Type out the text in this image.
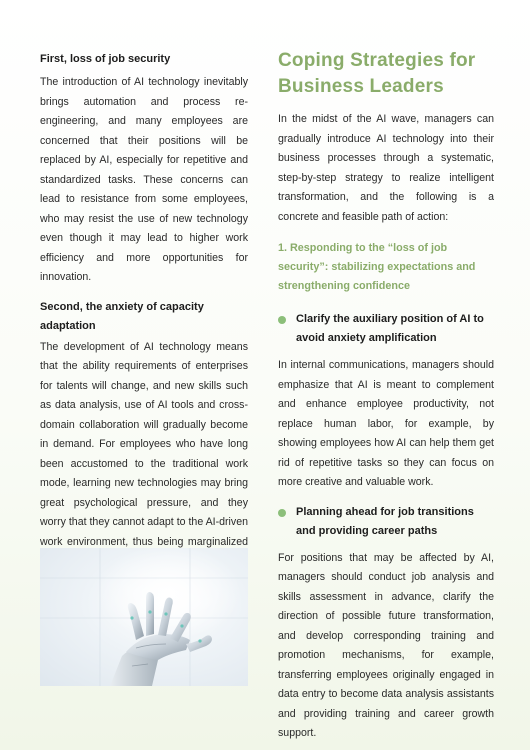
First, loss of job security

The introduction of AI technology inevitably brings automation and process re-engineering, and many employees are concerned that their positions will be replaced by AI, especially for repetitive and standardized tasks. These concerns can lead to resistance from some employees, who may resist the use of new technology even though it may lead to higher work efficiency and more opportunities for innovation.

Second, the anxiety of capacity adaptation

The development of AI technology means that the ability requirements of enterprises for talents will change, and new skills such as data analysis, use of AI tools and cross-domain collaboration will gradually become in demand. For employees who have long been accustomed to the traditional work mode, learning new technologies may bring great psychological pressure, and they worry that they cannot adapt to the AI-driven work environment, thus being marginalized

Coping Strategies for Business Leaders

In the midst of the AI wave, managers can gradually introduce AI technology into their business processes through a systematic, step-by-step strategy to realize intelligent transformation, and the following is a concrete and feasible path of action:

1. Responding to the “loss of job security”: stabilizing expectations and strengthening confidence

Clarify the auxiliary position of AI to avoid anxiety amplification

In internal communications, managers should emphasize that AI is meant to complement and enhance employee productivity, not replace human labor, for example, by showing employees how AI can help them get rid of repetitive tasks so they can focus on more creative and valuable work.

Planning ahead for job transitions and providing career paths

For positions that may be affected by AI, managers should conduct job analysis and skills assessment in advance, clarify the direction of possible future transformation, and develop corresponding training and promotion mechanisms, for example, transferring employees originally engaged in data entry to become data analysis assistants and providing training and career growth support.
